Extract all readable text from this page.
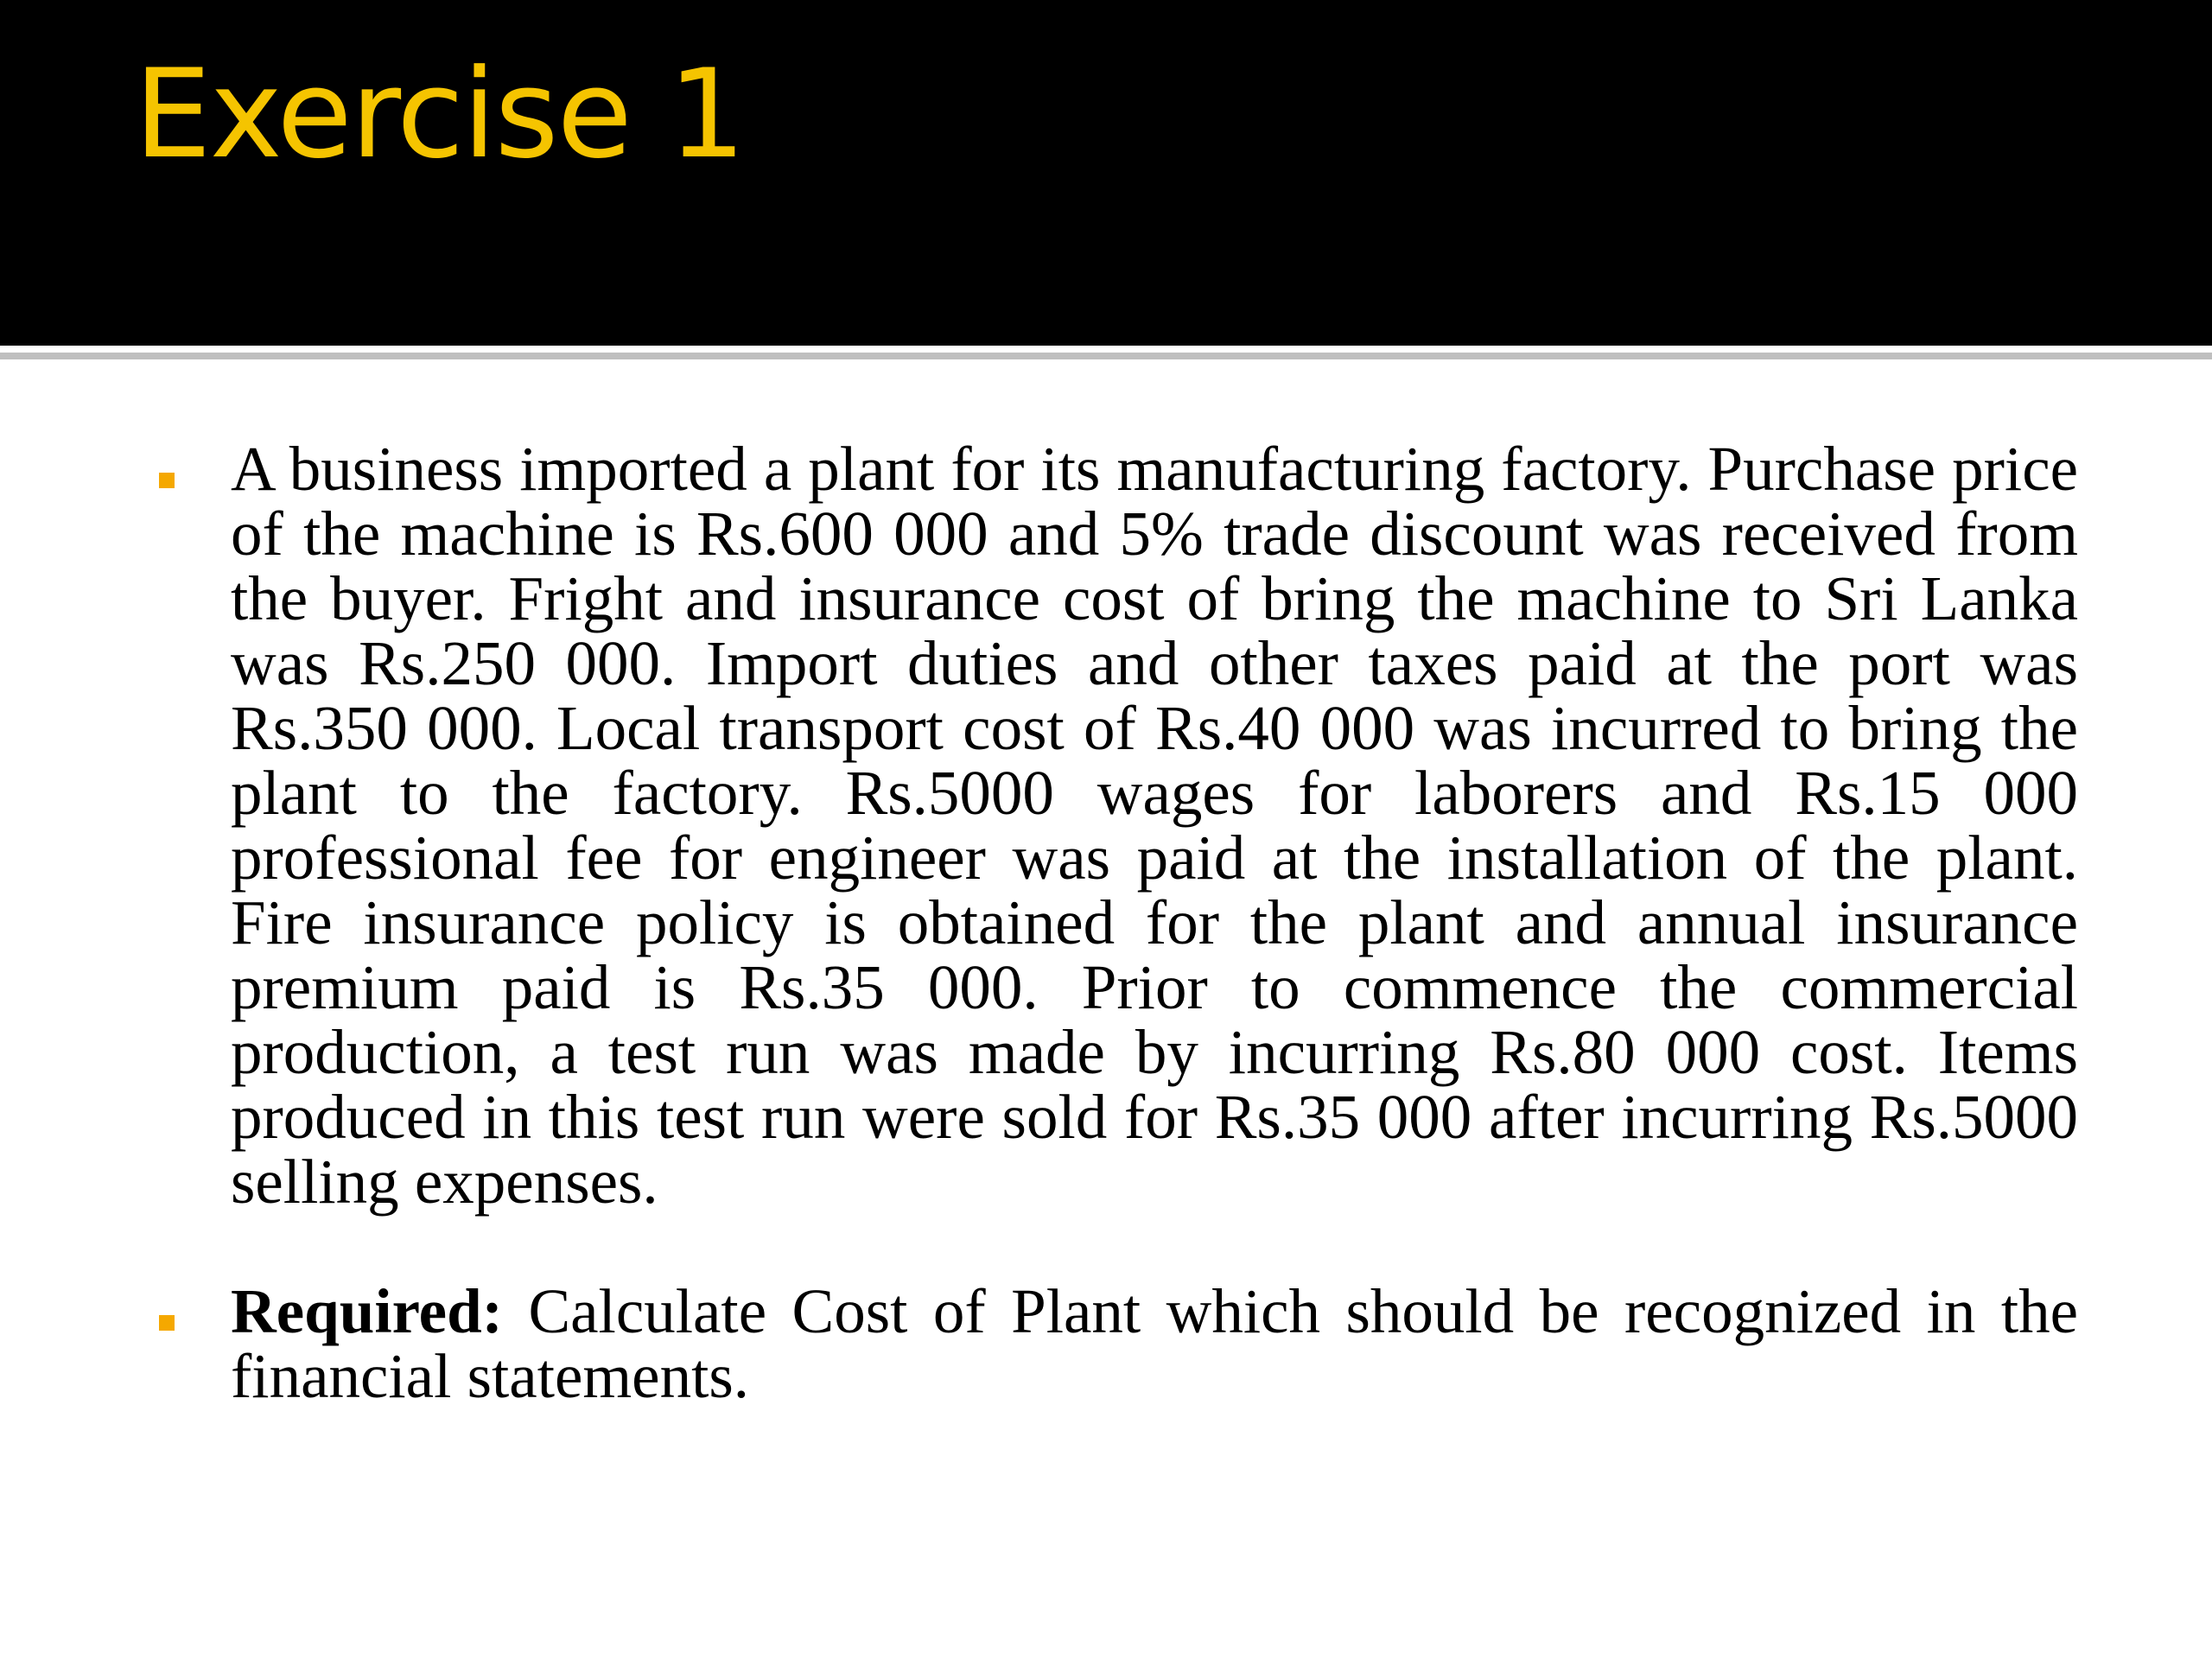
Exercise 1
A business imported a plant for its manufacturing factory. Purchase price of the machine is Rs.600 000 and 5% trade discount was received from the buyer. Fright and insurance cost of bring the machine to Sri Lanka was Rs.250 000. Import duties and other taxes paid at the port was Rs.350 000. Local transport cost of Rs.40 000 was incurred to bring the plant to the factory. Rs.5000 wages for laborers and Rs.15 000 professional fee for engineer was paid at the installation of the plant. Fire insurance policy is obtained for the plant and annual insurance premium paid is Rs.35 000. Prior to commence the commercial production, a test run was made by incurring Rs.80 000 cost. Items produced in this test run were sold for Rs.35 000 after incurring Rs.5000 selling expenses.
Required: Calculate Cost of Plant which should be recognized in the financial statements.
